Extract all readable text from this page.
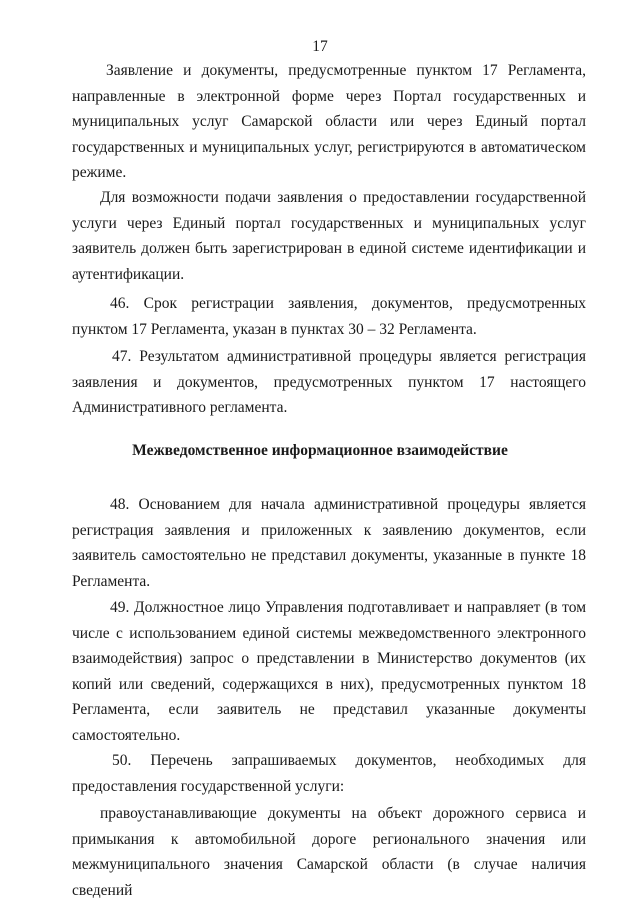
17

Заявление и документы, предусмотренные пунктом 17 Регламента, направленные в электронной форме через Портал государственных и муниципальных услуг Самарской области или через Единый портал государственных и муниципальных услуг, регистрируются в автоматическом режиме.

Для возможности подачи заявления о предоставлении государственной услуги через Единый портал государственных и муниципальных услуг заявитель должен быть зарегистрирован в единой системе идентификации и аутентификации.

46. Срок регистрации заявления, документов, предусмотренных пунктом 17 Регламента, указан в пунктах 30 – 32 Регламента.

47. Результатом административной процедуры является регистрация заявления и документов, предусмотренных пунктом 17 настоящего Административного регламента.

Межведомственное информационное взаимодействие

48. Основанием для начала административной процедуры является регистрация заявления и приложенных к заявлению документов, если заявитель самостоятельно не представил документы, указанные в пункте 18 Регламента.

49. Должностное лицо Управления подготавливает и направляет (в том числе с использованием единой системы межведомственного электронного взаимодействия) запрос о представлении в Министерство документов (их копий или сведений, содержащихся в них), предусмотренных пунктом 18 Регламента, если заявитель не представил указанные документы самостоятельно.

50. Перечень запрашиваемых документов, необходимых для предоставления государственной услуги:

правоустанавливающие документы на объект дорожного сервиса и примыкания к автомобильной дороге регионального значения или межмуниципального значения Самарской области (в случае наличия сведений
